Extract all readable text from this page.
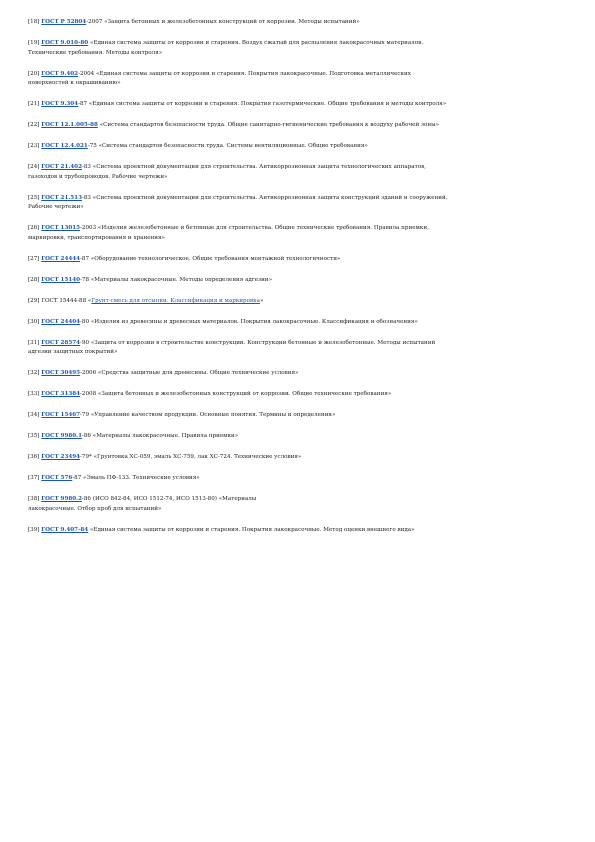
[18] ГОСТ Р 52804-2007 «Защита бетонных и железобетонных конструкций от коррозии. Методы испытаний»
[19] ГОСТ 9.010-80 «Единая система защиты от коррозии и старения. Воздух сжатый для распыления лакокрасочных материалов.
Технические требования. Методы контроля»
[20] ГОСТ 9.402-2004 «Единая система защиты от коррозии и старения. Покрытия лакокрасочные. Подготовка металлических
поверхностей к окрашиванию»
[21] ГОСТ 9.304-87 «Единая система защиты от коррозии и старения. Покрытия газотермические. Общие требования и методы контроля»
[22] ГОСТ 12.1.005-88 «Система стандартов безопасности труда. Общие санитарно-гигиенические требования к воздуху рабочей зоны»
[23] ГОСТ 12.4.021-75 «Система стандартов безопасности труда. Системы вентиляционные. Общие требования»
[24] ГОСТ 21.402-83 «Система проектной документации для строительства. Антикоррозионная защита технологических аппаратов,
газоходов и трубопроводов. Рабочие чертежи»
[25] ГОСТ 21.513-83 «Система проектной документации для строительства. Антикоррозионная защита конструкций зданий и сооружений.
Рабочие чертежи»
[26] ГОСТ 13015-2003 «Изделия железобетонные и бетонные для строительства. Общие технические требования. Правила приемки,
маркировки, транспортирования и хранения»
[27] ГОСТ 24444-87 «Оборудование технологическое. Общие требования монтажной технологичности»
[28] ГОСТ 15140-78 «Материалы лакокрасочные. Методы определения адгезии»
[29] ГОСТ 15444-88 «Грунт-смесь для отсыпки. Классификация и маркировка»
[30] ГОСТ 24404-80 «Изделия из древесины и древесных материалов. Покрытия лакокрасочные. Классификация и обозначения»
[31] ГОСТ 28574-90 «Защита от коррозии в строительстве конструкции. Конструкции бетонные и железобетонные. Методы испытаний
адгезии защитных покрытий»
[32] ГОСТ 30495-2006 «Средства защитные для древесины. Общие технические условия»
[33] ГОСТ 31384-2008 «Защита бетонных и железобетонных конструкций от коррозии. Общие технические требования»
[34] ГОСТ 15467-79 «Управление качеством продукции. Основные понятия. Термины и определения»
[35] ГОСТ 9980.1-86 «Материалы лакокрасочные. Правила приемки»
[36] ГОСТ 23494-79* «Грунтовка ХС-059, эмаль ХС-759, лак ХС-724. Технические условия»
[37] ГОСТ 576-87 «Эмаль ПФ-133. Технические условия»
[38] ГОСТ 9980.2-86 (ИСО 842-84, ИСО 1512-74, ИСО 1513-80) «Материалы
лакокрасочные. Отбор проб для испытаний»
[39] ГОСТ 9.407-84 «Единая система защиты от коррозии и старения. Покрытия лакокрасочные. Метод оценки внешнего вида»
